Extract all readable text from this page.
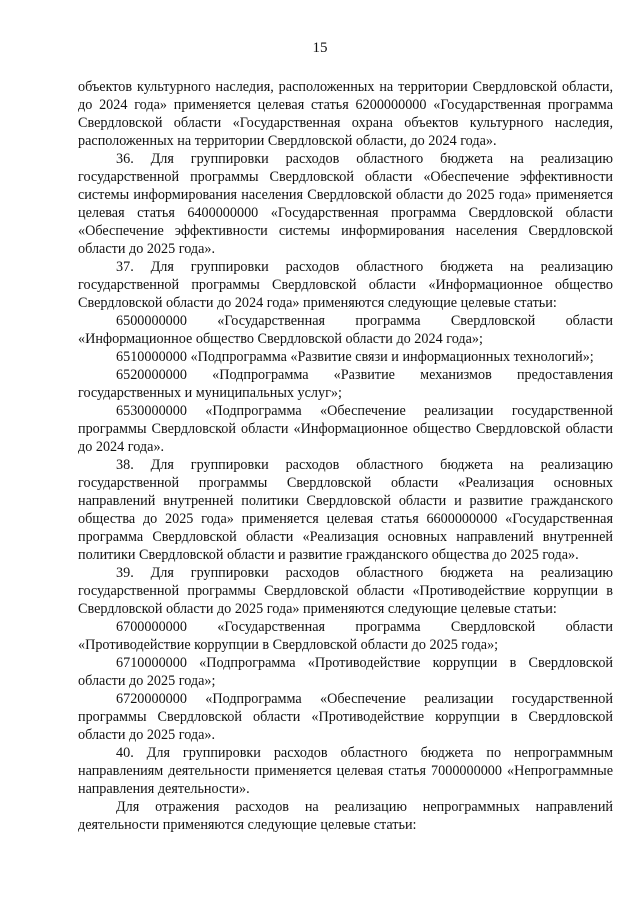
15

объектов культурного наследия, расположенных на территории Свердловской области, до 2024 года» применяется целевая статья 6200000000 «Государственная программа Свердловской области «Государственная охрана объектов культурного наследия, расположенных на территории Свердловской области, до 2024 года».

36. Для группировки расходов областного бюджета на реализацию государственной программы Свердловской области «Обеспечение эффективности системы информирования населения Свердловской области до 2025 года» применяется целевая статья 6400000000 «Государственная программа Свердловской области «Обеспечение эффективности системы информирования населения Свердловской области до 2025 года».

37. Для группировки расходов областного бюджета на реализацию государственной программы Свердловской области «Информационное общество Свердловской области до 2024 года» применяются следующие целевые статьи:

6500000000 «Государственная программа Свердловской области «Информационное общество Свердловской области до 2024 года»;

6510000000 «Подпрограмма «Развитие связи и информационных технологий»;

6520000000 «Подпрограмма «Развитие механизмов предоставления государственных и муниципальных услуг»;

6530000000 «Подпрограмма «Обеспечение реализации государственной программы Свердловской области «Информационное общество Свердловской области до 2024 года».

38. Для группировки расходов областного бюджета на реализацию государственной программы Свердловской области «Реализация основных направлений внутренней политики Свердловской области и развитие гражданского общества до 2025 года» применяется целевая статья 6600000000 «Государственная программа Свердловской области «Реализация основных направлений внутренней политики Свердловской области и развитие гражданского общества до 2025 года».

39. Для группировки расходов областного бюджета на реализацию государственной программы Свердловской области «Противодействие коррупции в Свердловской области до 2025 года» применяются следующие целевые статьи:

6700000000 «Государственная программа Свердловской области «Противодействие коррупции в Свердловской области до 2025 года»;

6710000000 «Подпрограмма «Противодействие коррупции в Свердловской области до 2025 года»;

6720000000 «Подпрограмма «Обеспечение реализации государственной программы Свердловской области «Противодействие коррупции в Свердловской области до 2025 года».

40. Для группировки расходов областного бюджета по непрограммным направлениям деятельности применяется целевая статья 7000000000 «Непрограммные направления деятельности».

Для отражения расходов на реализацию непрограммных направлений деятельности применяются следующие целевые статьи:
